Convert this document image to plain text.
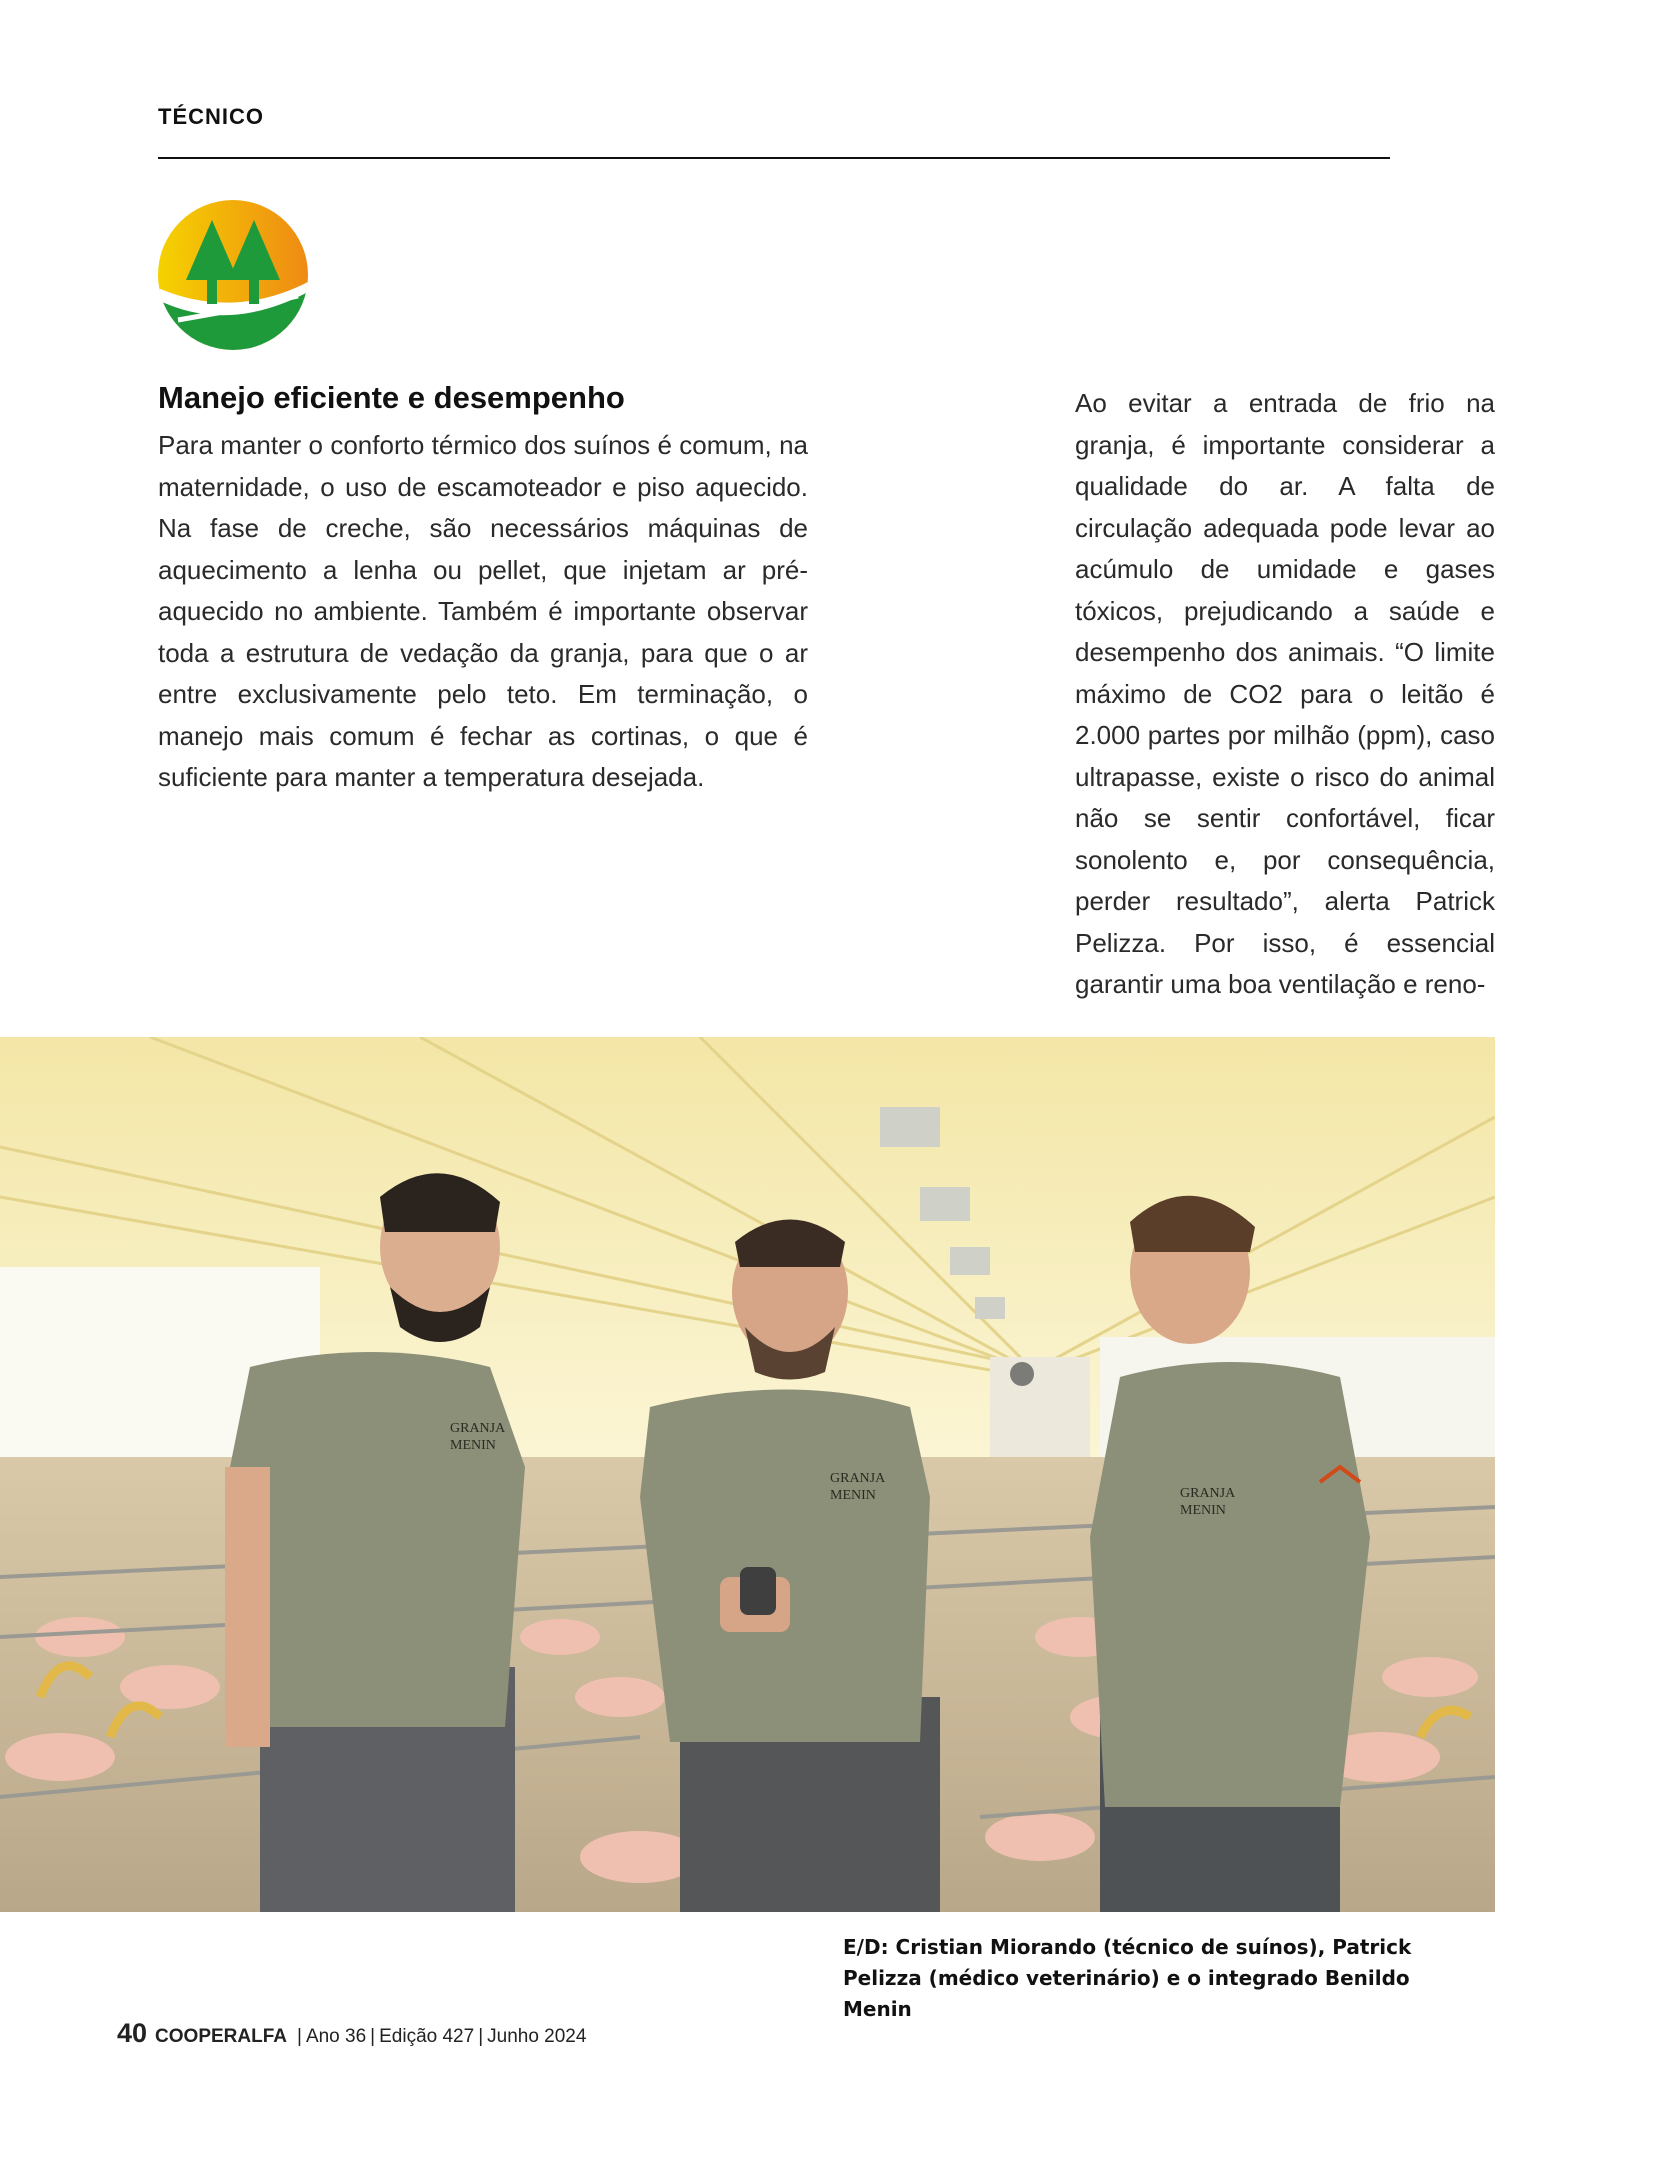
TÉCNICO
Manejo eficiente e desempenho

Para manter o conforto térmico dos suínos é comum, na maternidade, o uso de escamoteador e piso aquecido. Na fase de creche, são necessários máquinas de aquecimento a lenha ou pellet, que injetam ar pré-aquecido no ambiente. Também é importante observar toda a estrutura de vedação da granja, para que o ar entre exclusivamente pelo teto. Em terminação, o manejo mais comum é fechar as cortinas, o que é suficiente para manter a temperatura desejada.

Ao evitar a entrada de frio na granja, é importante considerar a qualidade do ar. A falta de circulação adequada pode levar ao acúmulo de umidade e gases tóxicos, prejudicando a saúde e desempenho dos animais. “O limite máximo de CO2 para o leitão é 2.000 partes por milhão (ppm), caso ultrapasse, existe o risco do animal não se sentir confortável, ficar sonolento e, por consequência, perder resultado”, alerta Patrick Pelizza. Por isso, é essencial garantir uma boa ventilação e reno-

GRANJA
MENIN	GRANJA
MENIN
GRANJA
MENIN

E/D: Cristian Miorando (técnico de suínos), Patrick Pelizza (médico veterinário) e o integrado Benildo Menin

40 COOPERALFA | Ano 36 | Edição 427 | Junho 2024
